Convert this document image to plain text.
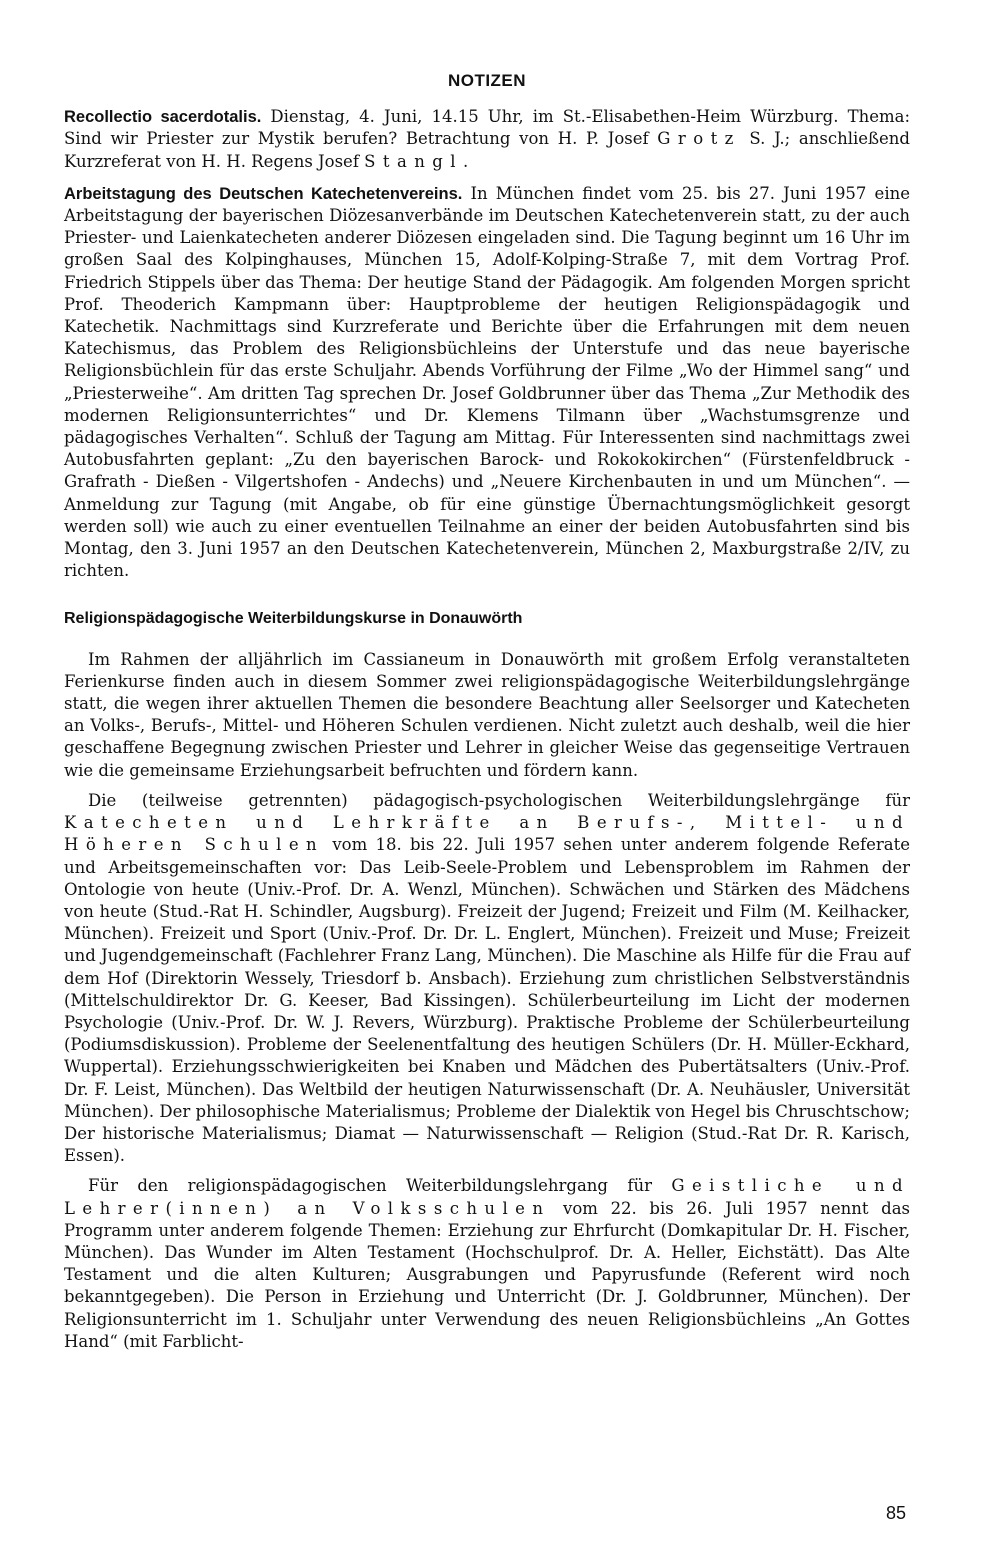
NOTIZEN

Recollectio sacerdotalis. Dienstag, 4. Juni, 14.15 Uhr, im St.-Elisabethen-Heim Würzburg. Thema: Sind wir Priester zur Mystik berufen? Betrachtung von H. P. Josef Grotz S. J.; anschließend Kurzreferat von H. H. Regens Josef Stangl.

Arbeitstagung des Deutschen Katechetenvereins. In München findet vom 25. bis 27. Juni 1957 eine Arbeitstagung der bayerischen Diözesanverbände im Deutschen Katechetenverein statt, zu der auch Priester- und Laienkatecheten anderer Diözesen eingeladen sind. Die Tagung beginnt um 16 Uhr im großen Saal des Kolpinghauses, München 15, Adolf-Kolping-Straße 7, mit dem Vortrag Prof. Friedrich Stippels über das Thema: Der heutige Stand der Pädagogik. Am folgenden Morgen spricht Prof. Theoderich Kampmann über: Hauptprobleme der heutigen Religionspädagogik und Katechetik. Nachmittags sind Kurzreferate und Berichte über die Erfahrungen mit dem neuen Katechismus, das Problem des Religionsbüchleins der Unterstufe und das neue bayerische Religionsbüchlein für das erste Schuljahr. Abends Vorführung der Filme „Wo der Himmel sang“ und „Priesterweihe“. Am dritten Tag sprechen Dr. Josef Goldbrunner über das Thema „Zur Methodik des modernen Religionsunterrichtes“ und Dr. Klemens Tilmann über „Wachstumsgrenze und pädagogisches Verhalten“. Schluß der Tagung am Mittag. Für Interessenten sind nachmittags zwei Autobusfahrten geplant: „Zu den bayerischen Barock- und Rokokokirchen“ (Fürstenfeldbruck - Grafrath - Dießen - Vilgertshofen - Andechs) und „Neuere Kirchenbauten in und um München“. — Anmeldung zur Tagung (mit Angabe, ob für eine günstige Übernachtungsmöglichkeit gesorgt werden soll) wie auch zu einer eventuellen Teilnahme an einer der beiden Autobusfahrten sind bis Montag, den 3. Juni 1957 an den Deutschen Katechetenverein, München 2, Maxburgstraße 2/IV, zu richten.

Religionspädagogische Weiterbildungskurse in Donauwörth

Im Rahmen der alljährlich im Cassianeum in Donauwörth mit großem Erfolg veranstalteten Ferienkurse finden auch in diesem Sommer zwei religionspädagogische Weiterbildungslehrgänge statt, die wegen ihrer aktuellen Themen die besondere Beachtung aller Seelsorger und Katecheten an Volks-, Berufs-, Mittel- und Höheren Schulen verdienen. Nicht zuletzt auch deshalb, weil die hier geschaffene Begegnung zwischen Priester und Lehrer in gleicher Weise das gegenseitige Vertrauen wie die gemeinsame Erziehungsarbeit befruchten und fördern kann.

Die (teilweise getrennten) pädagogisch-psychologischen Weiterbildungslehrgänge für Katecheten und Lehrkräfte an Berufs-, Mittel- und Höheren Schulen vom 18. bis 22. Juli 1957 sehen unter anderem folgende Referate und Arbeitsgemeinschaften vor: Das Leib-Seele-Problem und Lebensproblem im Rahmen der Ontologie von heute (Univ.-Prof. Dr. A. Wenzl, München). Schwächen und Stärken des Mädchens von heute (Stud.-Rat H. Schindler, Augsburg). Freizeit der Jugend; Freizeit und Film (M. Keilhacker, München). Freizeit und Sport (Univ.-Prof. Dr. Dr. L. Englert, München). Freizeit und Muse; Freizeit und Jugendgemeinschaft (Fachlehrer Franz Lang, München). Die Maschine als Hilfe für die Frau auf dem Hof (Direktorin Wessely, Triesdorf b. Ansbach). Erziehung zum christlichen Selbstverständnis (Mittelschuldirektor Dr. G. Keeser, Bad Kissingen). Schülerbeurteilung im Licht der modernen Psychologie (Univ.-Prof. Dr. W. J. Revers, Würzburg). Praktische Probleme der Schülerbeurteilung (Podiumsdiskussion). Probleme der Seelenentfaltung des heutigen Schülers (Dr. H. Müller-Eckhard, Wuppertal). Erziehungsschwierigkeiten bei Knaben und Mädchen des Pubertätsalters (Univ.-Prof. Dr. F. Leist, München). Das Weltbild der heutigen Naturwissenschaft (Dr. A. Neuhäusler, Universität München). Der philosophische Materialismus; Probleme der Dialektik von Hegel bis Chruschtschow; Der historische Materialismus; Diamat — Naturwissenschaft — Religion (Stud.-Rat Dr. R. Karisch, Essen).

Für den religionspädagogischen Weiterbildungslehrgang für Geistliche und Lehrer(innen) an Volksschulen vom 22. bis 26. Juli 1957 nennt das Programm unter anderem folgende Themen: Erziehung zur Ehrfurcht (Domkapitular Dr. H. Fischer, München). Das Wunder im Alten Testament (Hochschulprof. Dr. A. Heller, Eichstätt). Das Alte Testament und die alten Kulturen; Ausgrabungen und Papyrusfunde (Referent wird noch bekanntgegeben). Die Person in Erziehung und Unterricht (Dr. J. Goldbrunner, München). Der Religionsunterricht im 1. Schuljahr unter Verwendung des neuen Religionsbüchleins „An Gottes Hand“ (mit Farblicht-

85
